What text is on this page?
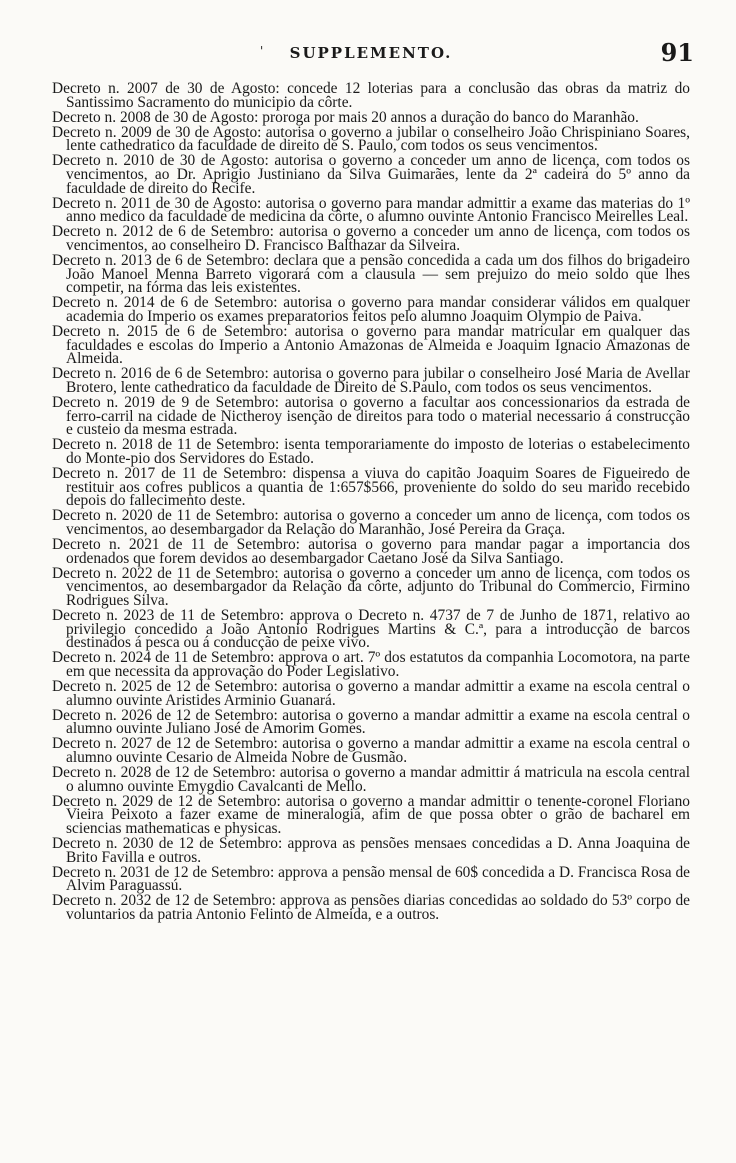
'	SUPPLEMENTO.	91

Decreto n. 2007 de 30 de Agosto: concede 12 loterias para a conclusão das obras da matriz do Santissimo Sacramento do municipio da côrte.

Decreto n. 2008 de 30 de Agosto: proroga por mais 20 annos a duração do banco do Maranhão.

Decreto n. 2009 de 30 de Agosto: autorisa o governo a jubilar o conselheiro João Chrispiniano Soares, lente cathedratico da faculdade de direito de S. Paulo, com todos os seus vencimentos.

Decreto n. 2010 de 30 de Agosto: autorisa o governo a conceder um anno de licença, com todos os vencimentos, ao Dr. Aprigio Justiniano da Silva Guimarães, lente da 2ª cadeira do 5º anno da faculdade de direito do Recife.

Decreto n. 2011 de 30 de Agosto: autorisa o governo para mandar admittir a exame das materias do 1º anno medico da faculdade de medicina da côrte, o alumno ouvinte Antonio Francisco Meirelles Leal.

Decreto n. 2012 de 6 de Setembro: autorisa o governo a conceder um anno de licença, com todos os vencimentos, ao conselheiro D. Francisco Balthazar da Silveira.

Decreto n. 2013 de 6 de Setembro: declara que a pensão concedida a cada um dos filhos do brigadeiro João Manoel Menna Barreto vigorará com a clausula — sem prejuizo do meio soldo que lhes competir, na fórma das leis existentes.

Decreto n. 2014 de 6 de Setembro: autorisa o governo para mandar considerar válidos em qualquer academia do Imperio os exames preparatorios feitos pelo alumno Joaquim Olympio de Paiva.

Decreto n. 2015 de 6 de Setembro: autorisa o governo para mandar matricular em qualquer das faculdades e escolas do Imperio a Antonio Amazonas de Almeida e Joaquim Ignacio Amazonas de Almeida.

Decreto n. 2016 de 6 de Setembro: autorisa o governo para jubilar o conselheiro José Maria de Avellar Brotero, lente cathedratico da faculdade de Direito de S.Paulo, com todos os seus vencimentos.

Decreto n. 2019 de 9 de Setembro: autorisa o governo a facultar aos concessionarios da estrada de ferro-carril na cidade de Nictheroy isenção de direitos para todo o material necessario á construcção e custeio da mesma estrada.

Decreto n. 2018 de 11 de Setembro: isenta temporariamente do imposto de loterias o estabelecimento do Monte-pio dos Servidores do Estado.

Decreto n. 2017 de 11 de Setembro: dispensa a viuva do capitão Joaquim Soares de Figueiredo de restituir aos cofres publicos a quantia de 1:657$566, proveniente do soldo do seu marido recebido depois do fallecimento deste.

Decreto n. 2020 de 11 de Setembro: autorisa o governo a conceder um anno de licença, com todos os vencimentos, ao desembargador da Relação do Maranhão, José Pereira da Graça.

Decreto n. 2021 de 11 de Setembro: autorisa o governo para mandar pagar a importancia dos ordenados que forem devidos ao desembargador Caetano José da Silva Santiago.

Decreto n. 2022 de 11 de Setembro: autorisa o governo a conceder um anno de licença, com todos os vencimentos, ao desembargador da Relação da côrte, adjunto do Tribunal do Commercio, Firmino Rodrigues Silva.

Decreto n. 2023 de 11 de Setembro: approva o Decreto n. 4737 de 7 de Junho de 1871, relativo ao privilegio concedido a João Antonio Rodrigues Martins & C.ª, para a introducção de barcos destinados á pesca ou á conducção de peixe vivo.

Decreto n. 2024 de 11 de Setembro: approva o art. 7º dos estatutos da companhia Locomotora, na parte em que necessita da approvação do Poder Legislativo.

Decreto n. 2025 de 12 de Setembro: autorisa o governo a mandar admittir a exame na escola central o alumno ouvinte Aristides Arminio Guanará.

Decreto n. 2026 de 12 de Setembro: autorisa o governo a mandar admittir a exame na escola central o alumno ouvinte Juliano José de Amorim Gomes.

Decreto n. 2027 de 12 de Setembro: autorisa o governo a mandar admittir a exame na escola central o alumno ouvinte Cesario de Almeida Nobre de Gusmão.

Decreto n. 2028 de 12 de Setembro: autorisa o governo a mandar admittir á matricula na escola central o alumno ouvinte Emygdio Cavalcanti de Mello.

Decreto n. 2029 de 12 de Setembro: autorisa o governo a mandar admittir o tenente-coronel Floriano Vieira Peixoto a fazer exame de mineralogia, afim de que possa obter o grão de bacharel em sciencias mathematicas e physicas.

Decreto n. 2030 de 12 de Setembro: approva as pensões mensaes concedidas a D. Anna Joaquina de Brito Favilla e outros.

Decreto n. 2031 de 12 de Setembro: approva a pensão mensal de 60$ concedida a D. Francisca Rosa de Alvim Paraguassú.

Decreto n. 2032 de 12 de Setembro: approva as pensões diarias concedidas ao soldado do 53º corpo de voluntarios da patria Antonio Felinto de Almeida, e a outros.
